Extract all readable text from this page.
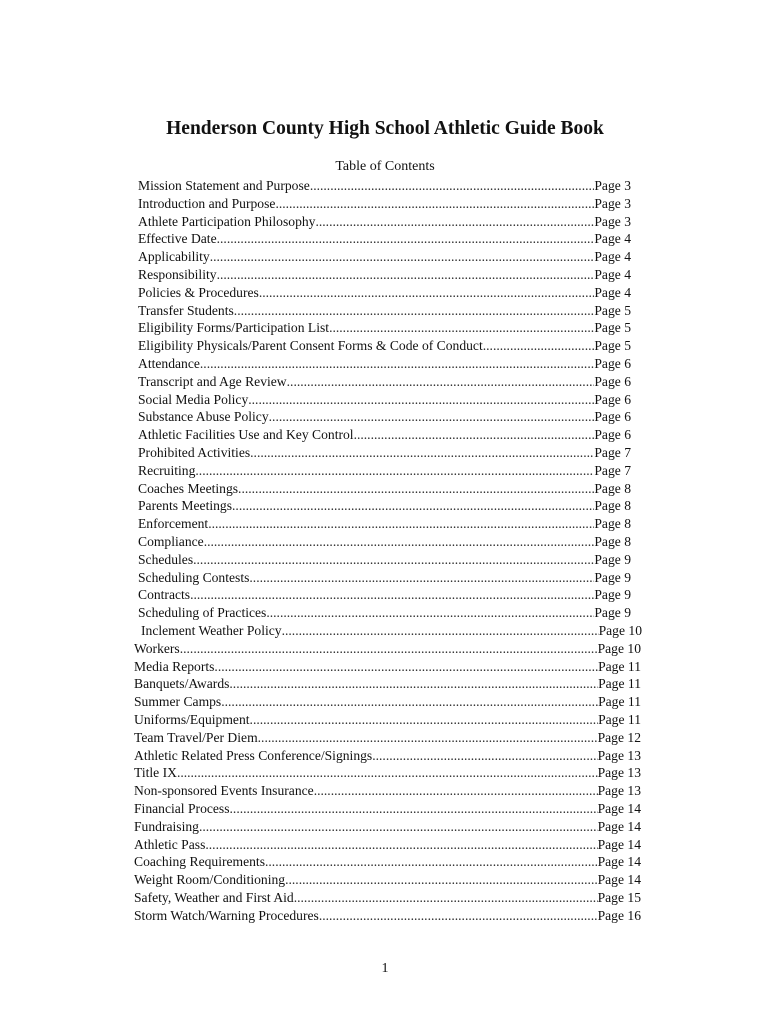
Henderson County High School Athletic Guide Book
Table of Contents
Mission Statement and Purpose .....	Page 3
Introduction and Purpose .....	Page 3
Athlete Participation Philosophy .....	Page 3
Effective Date .....	Page 4
Applicability .....	Page 4
Responsibility .....	Page 4
Policies & Procedures .....	Page 4
Transfer Students .....	Page 5
Eligibility Forms/Participation List .....	Page 5
Eligibility Physicals/Parent Consent Forms & Code of Conduct .....	Page 5
Attendance .....	Page 6
Transcript and Age Review .....	Page 6
Social Media Policy .....	Page 6
Substance Abuse Policy .....	Page 6
Athletic Facilities Use and Key Control .....	Page 6
Prohibited Activities .....	Page 7
Recruiting .....	Page 7
Coaches Meetings .....	Page 8
Parents Meetings .....	Page 8
Enforcement .....	Page 8
Compliance .....	Page 8
Schedules .....	Page 9
Scheduling Contests .....	Page 9
Contracts .....	Page 9
Scheduling of Practices .....	Page 9
Inclement Weather Policy .....	Page 10
Workers .....	Page 10
Media Reports .....	Page 11
Banquets/Awards .....	Page 11
Summer Camps .....	Page 11
Uniforms/Equipment .....	Page 11
Team Travel/Per Diem .....	Page 12
Athletic Related Press Conference/Signings .....	Page 13
Title IX .....	Page 13
Non-sponsored Events Insurance .....	Page 13
Financial Process .....	Page 14
Fundraising .....	Page 14
Athletic Pass .....	Page 14
Coaching Requirements .....	Page 14
Weight Room/Conditioning .....	Page 14
Safety, Weather and First Aid .....	Page 15
Storm Watch/Warning Procedures .....	Page 16
1
